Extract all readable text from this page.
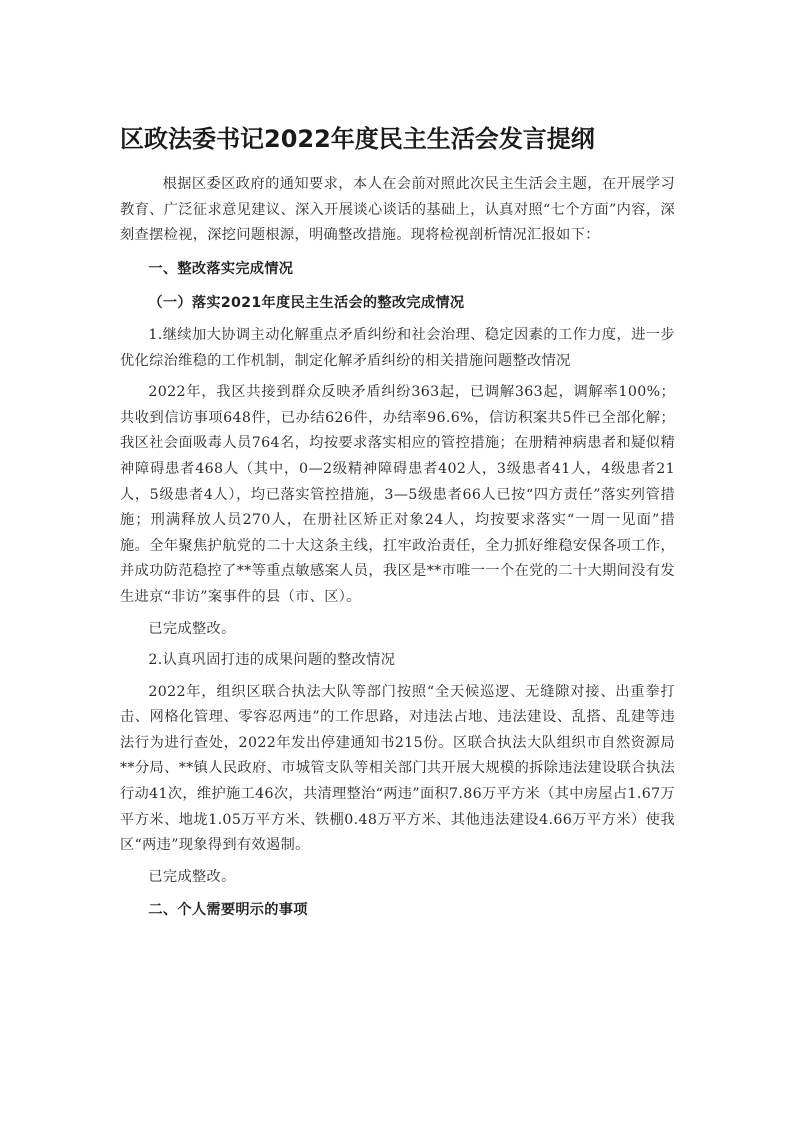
区政法委书记2022年度民主生活会发言提纲

根据区委区政府的通知要求，本人在会前对照此次民主生活会主题，在开展学习教育、广泛征求意见建议、深入开展谈心谈话的基础上，认真对照“七个方面”内容，深刻查摆检视，深挖问题根源，明确整改措施。现将检视剖析情况汇报如下：

一、整改落实完成情况
（一）落实2021年度民主生活会的整改完成情况

1.继续加大协调主动化解重点矛盾纠纷和社会治理、稳定因素的工作力度，进一步优化综治维稳的工作机制，制定化解矛盾纠纷的相关措施问题整改情况

2022年，我区共接到群众反映矛盾纠纷363起，已调解363起，调解率100%；共收到信访事项648件，已办结626件，办结率96.6%，信访积案共5件已全部化解；我区社会面吸毒人员764名，均按要求落实相应的管控措施；在册精神病患者和疑似精神障碍患者468人（其中，0—2级精神障碍患者402人，3级患者41人，4级患者21人，5级患者4人），均已落实管控措施，3—5级患者66人已按“四方责任”落实列管措施；刑满释放人员270人，在册社区矫正对象24人，均按要求落实“一周一见面”措施。全年聚焦护航党的二十大这条主线，扛牢政治责任，全力抓好维稳安保各项工作，并成功防范稳控了**等重点敏感案人员，我区是**市唯一一个在党的二十大期间没有发生进京“非访”案事件的县（市、区）。

已完成整改。

2.认真巩固打违的成果问题的整改情况

2022年，组织区联合执法大队等部门按照“全天候巡逻、无缝隙对接、出重拳打击、网格化管理、零容忍两违”的工作思路，对违法占地、违法建设、乱搭、乱建等违法行为进行查处，2022年发出停建通知书215份。区联合执法大队组织市自然资源局**分局、**镇人民政府、市城管支队等相关部门共开展大规模的拆除违法建设联合执法行动41次，维护施工46次，共清理整治“两违”面积7.86万平方米（其中房屋占1.67万平方米、地垅1.05万平方米、铁棚0.48万平方米、其他违法建设4.66万平方米）使我区“两违”现象得到有效遏制。

已完成整改。

二、个人需要明示的事项
